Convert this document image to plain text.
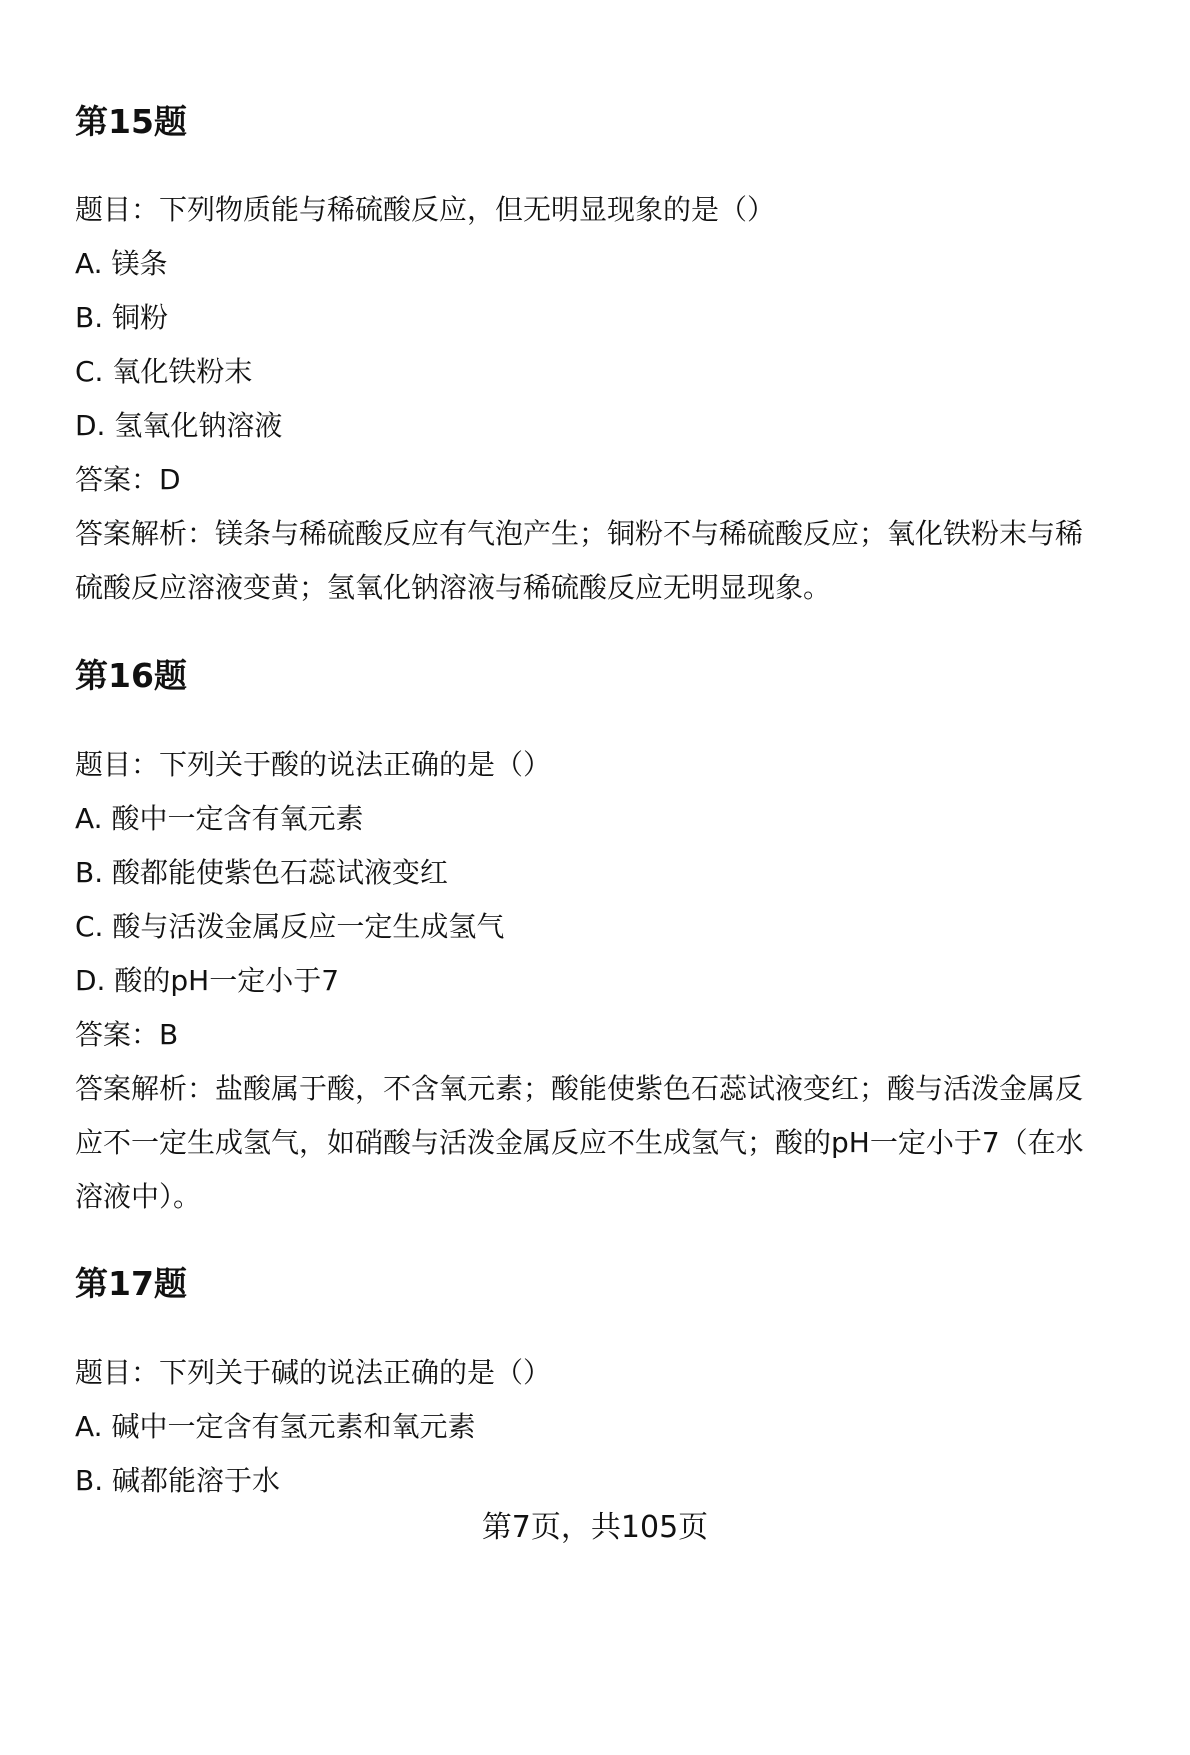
第15题

题目：下列物质能与稀硫酸反应，但无明显现象的是（）

A. 镁条

B. 铜粉

C. 氧化铁粉末

D. 氢氧化钠溶液

答案：D

答案解析：镁条与稀硫酸反应有气泡产生；铜粉不与稀硫酸反应；氧化铁粉末与稀

硫酸反应溶液变黄；氢氧化钠溶液与稀硫酸反应无明显现象。

第16题

题目：下列关于酸的说法正确的是（）

A. 酸中一定含有氧元素

B. 酸都能使紫色石蕊试液变红

C. 酸与活泼金属反应一定生成氢气

D. 酸的pH一定小于7

答案：B

答案解析：盐酸属于酸，不含氧元素；酸能使紫色石蕊试液变红；酸与活泼金属反

应不一定生成氢气，如硝酸与活泼金属反应不生成氢气；酸的pH一定小于7（在水

溶液中）。

第17题

题目：下列关于碱的说法正确的是（）

A. 碱中一定含有氢元素和氧元素

B. 碱都能溶于水

第7页，共105页
